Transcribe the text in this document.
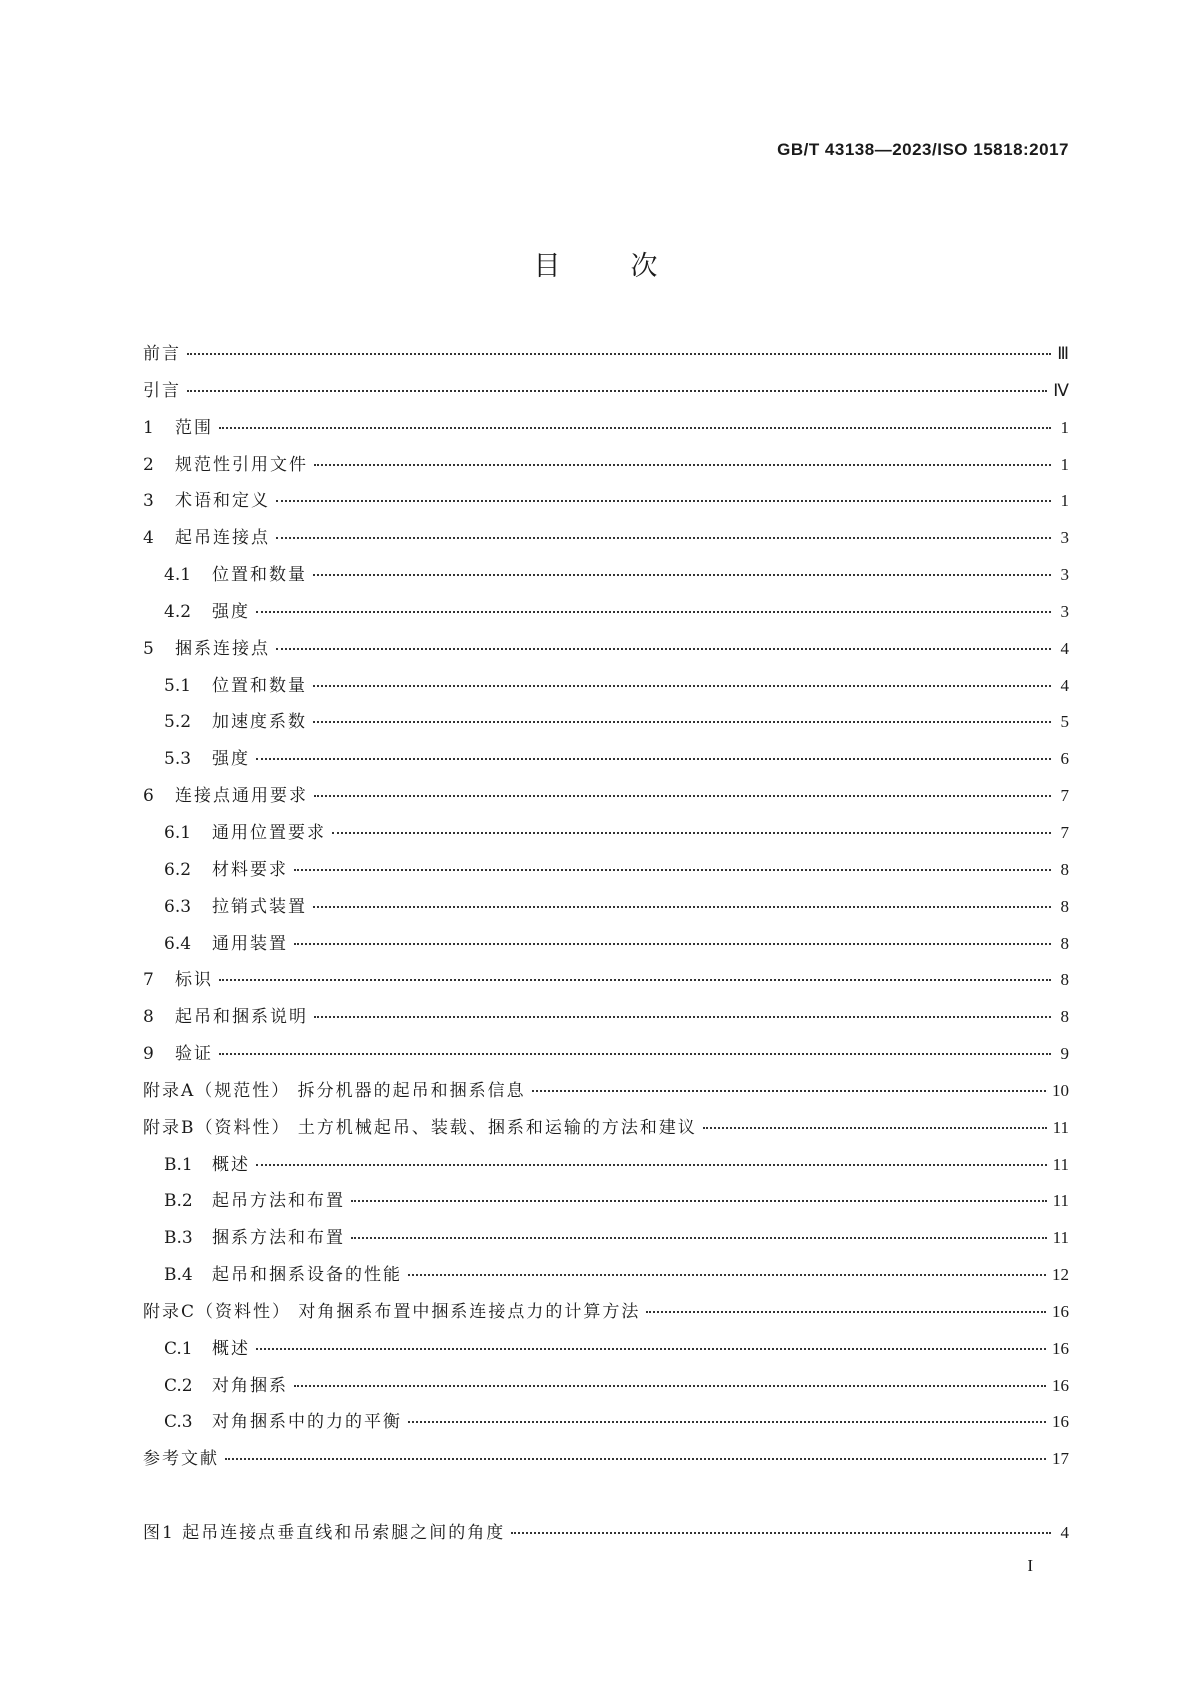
GB/T 43138—2023/ISO 15818:2017
目次
前言	Ⅲ
引言	Ⅳ
1	范围	1
2	规范性引用文件	1
3	术语和定义	1
4	起吊连接点	3
4.1	位置和数量	3
4.2	强度	3
5	捆系连接点	4
5.1	位置和数量	4
5.2	加速度系数	5
5.3	强度	6
6	连接点通用要求	7
6.1	通用位置要求	7
6.2	材料要求	8
6.3	拉销式装置	8
6.4	通用装置	8
7	标识	8
8	起吊和捆系说明	8
9	验证	9
附录A（规范性） 拆分机器的起吊和捆系信息	10
附录B（资料性） 土方机械起吊、装载、捆系和运输的方法和建议	11
B.1	概述	11
B.2	起吊方法和布置	11
B.3	捆系方法和布置	11
B.4	起吊和捆系设备的性能	12
附录C（资料性） 对角捆系布置中捆系连接点力的计算方法	16
C.1	概述	16
C.2	对角捆系	16
C.3	对角捆系中的力的平衡	16
参考文献	17
图1 起吊连接点垂直线和吊索腿之间的角度	4
I
